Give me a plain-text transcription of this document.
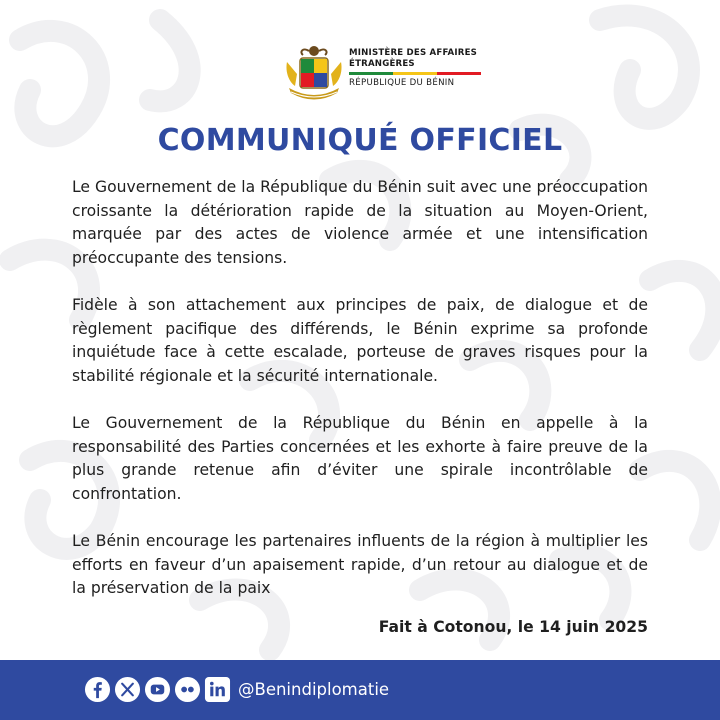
MINISTÈRE DES AFFAIRES ÉTRANGÈRES
RÉPUBLIQUE DU BÉNIN
COMMUNIQUÉ OFFICIEL

Le Gouvernement de la République du Bénin suit avec une préoccupation croissante la détérioration rapide de la situation au Moyen-Orient, marquée par des actes de violence armée et une intensification préoccupante des tensions.

Fidèle à son attachement aux principes de paix, de dialogue et de règlement pacifique des différends, le Bénin exprime sa profonde inquiétude face à cette escalade, porteuse de graves risques pour la stabilité régionale et la sécurité internationale.

Le Gouvernement de la République du Bénin en appelle à la responsabilité des Parties concernées et les exhorte à faire preuve de la plus grande retenue afin d’éviter une spirale incontrôlable de confrontation.

Le Bénin encourage les partenaires influents de la région à multiplier les efforts en faveur d’un apaisement rapide, d’un retour au dialogue et de la préservation de la paix

Fait à Cotonou, le 14 juin 2025
@Benindiplomatie
